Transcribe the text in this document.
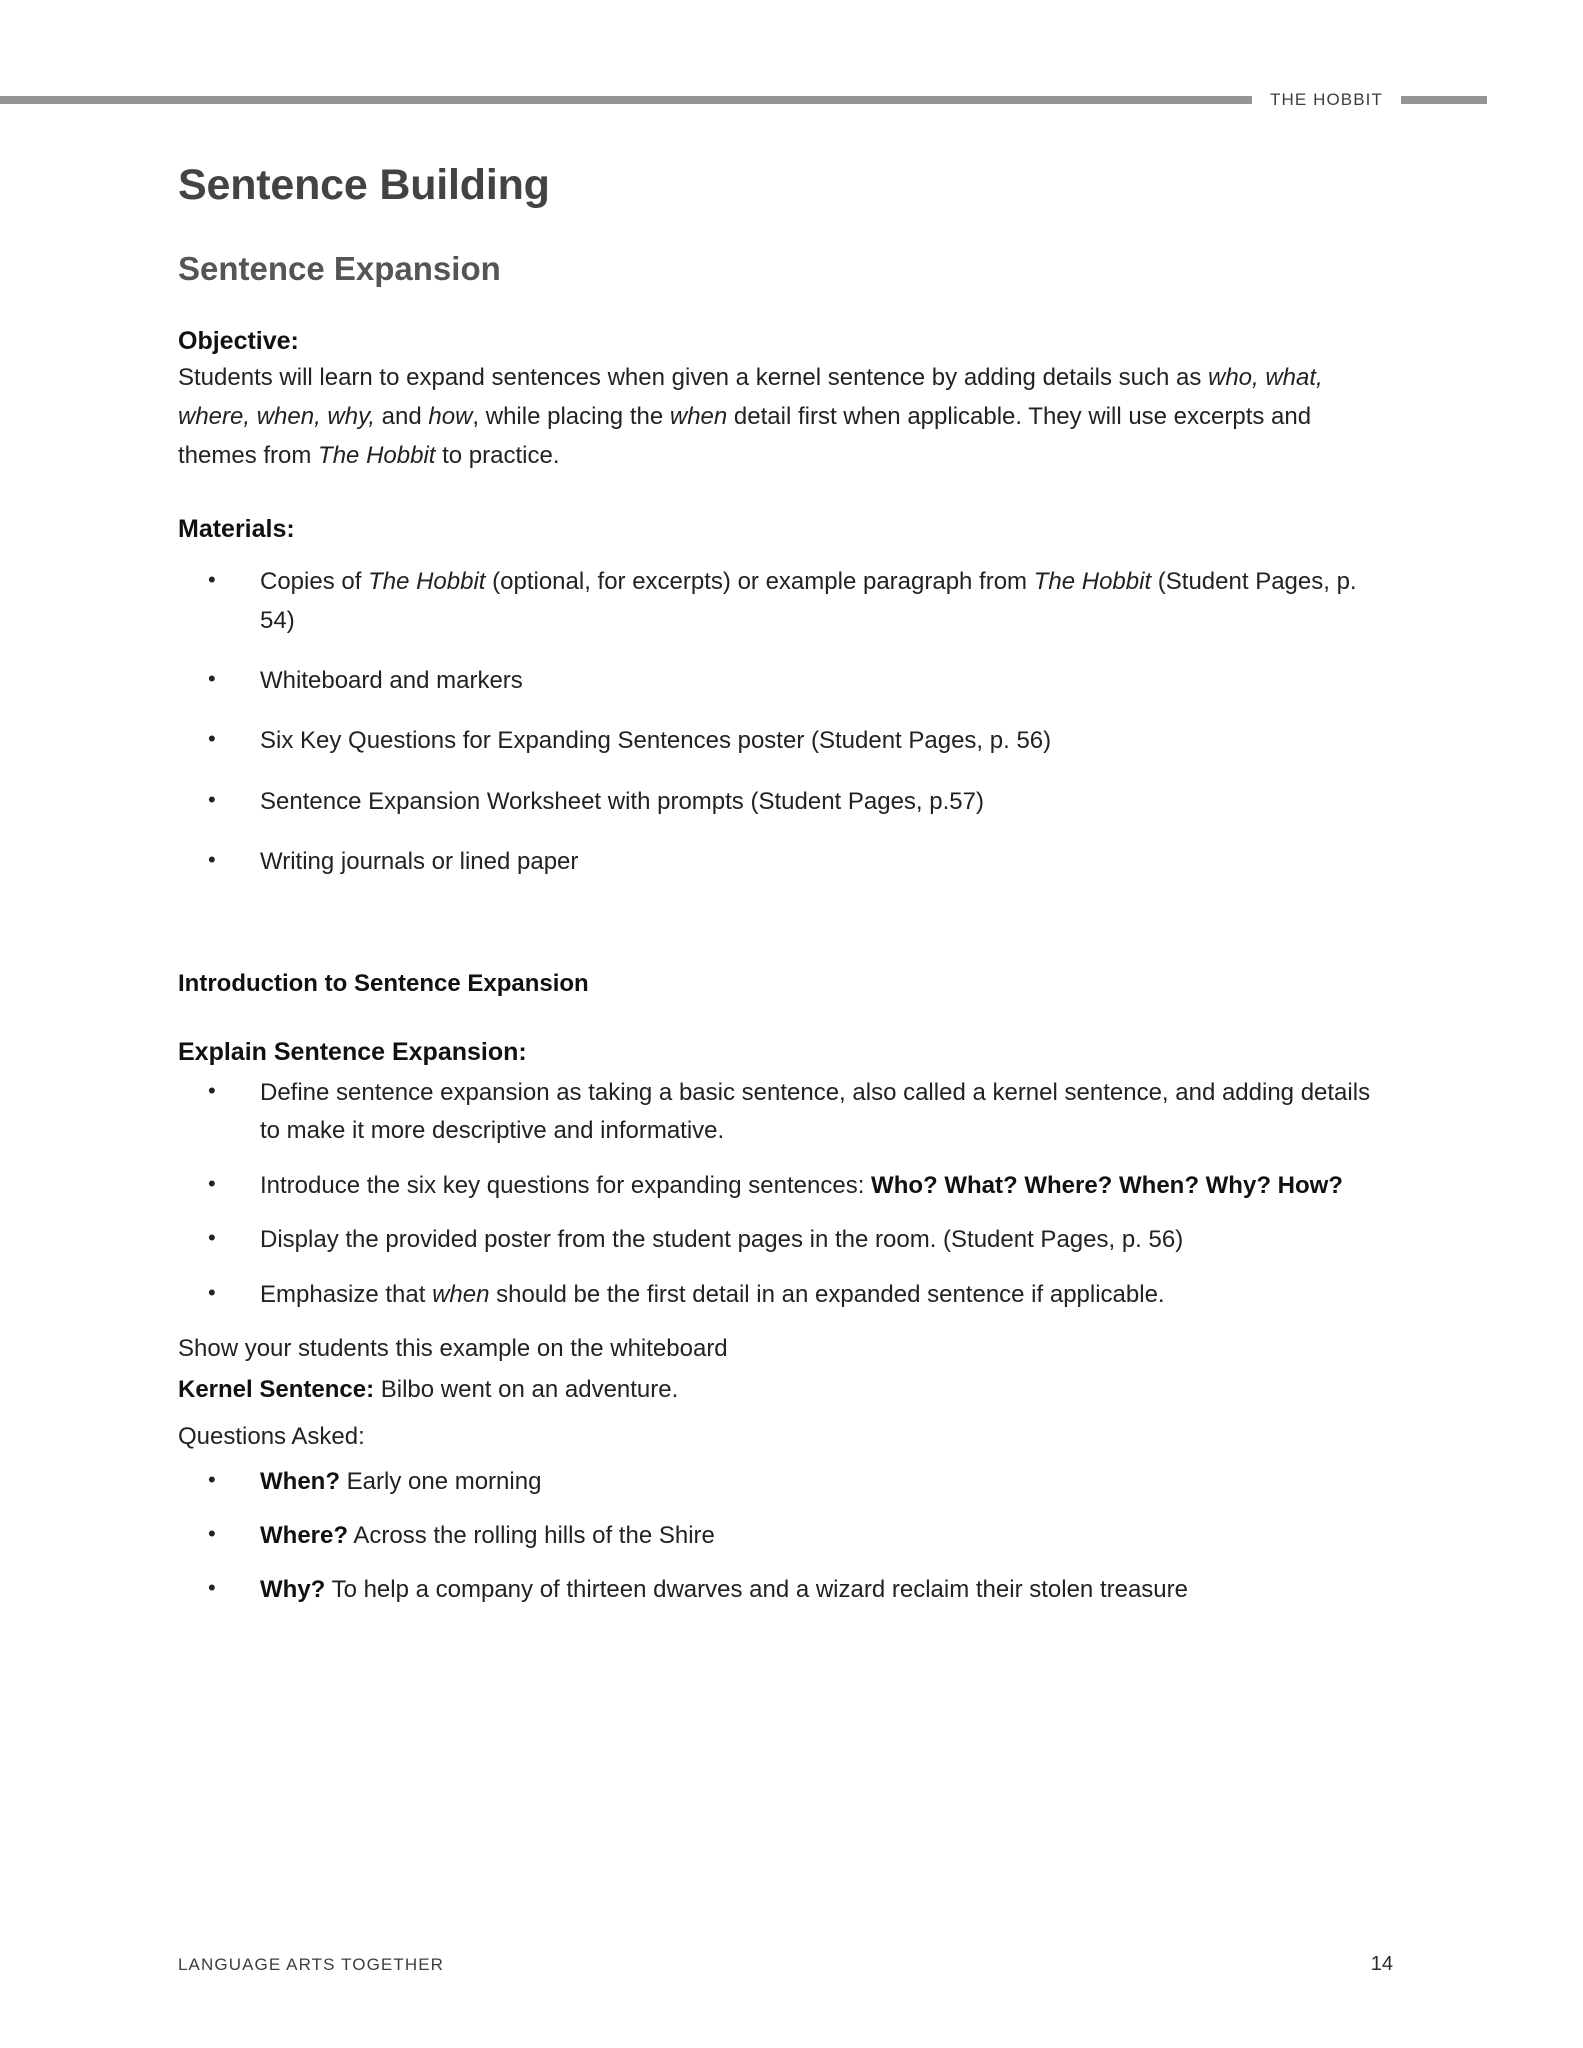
THE HOBBIT
Sentence Building
Sentence Expansion
Objective:

Students will learn to expand sentences when given a kernel sentence by adding details such as who, what, where, when, why, and how, while placing the when detail first when applicable. They will use excerpts and themes from The Hobbit to practice.

Materials:
• Copies of The Hobbit (optional, for excerpts) or example paragraph from The Hobbit (Student Pages, p. 54)
• Whiteboard and markers
• Six Key Questions for Expanding Sentences poster (Student Pages, p. 56)
• Sentence Expansion Worksheet with prompts (Student Pages, p.57)
• Writing journals or lined paper
Introduction to Sentence Expansion
Explain Sentence Expansion:
• Define sentence expansion as taking a basic sentence, also called a kernel sentence, and adding details to make it more descriptive and informative.
• Introduce the six key questions for expanding sentences: Who? What? Where? When? Why? How?
• Display the provided poster from the student pages in the room. (Student Pages, p. 56)
• Emphasize that when should be the first detail in an expanded sentence if applicable.

Show your students this example on the whiteboard

Kernel Sentence: Bilbo went on an adventure.

Questions Asked:

• When? Early one morning
• Where? Across the rolling hills of the Shire
• Why? To help a company of thirteen dwarves and a wizard reclaim their stolen treasure
LANGUAGE ARTS TOGETHER	14
